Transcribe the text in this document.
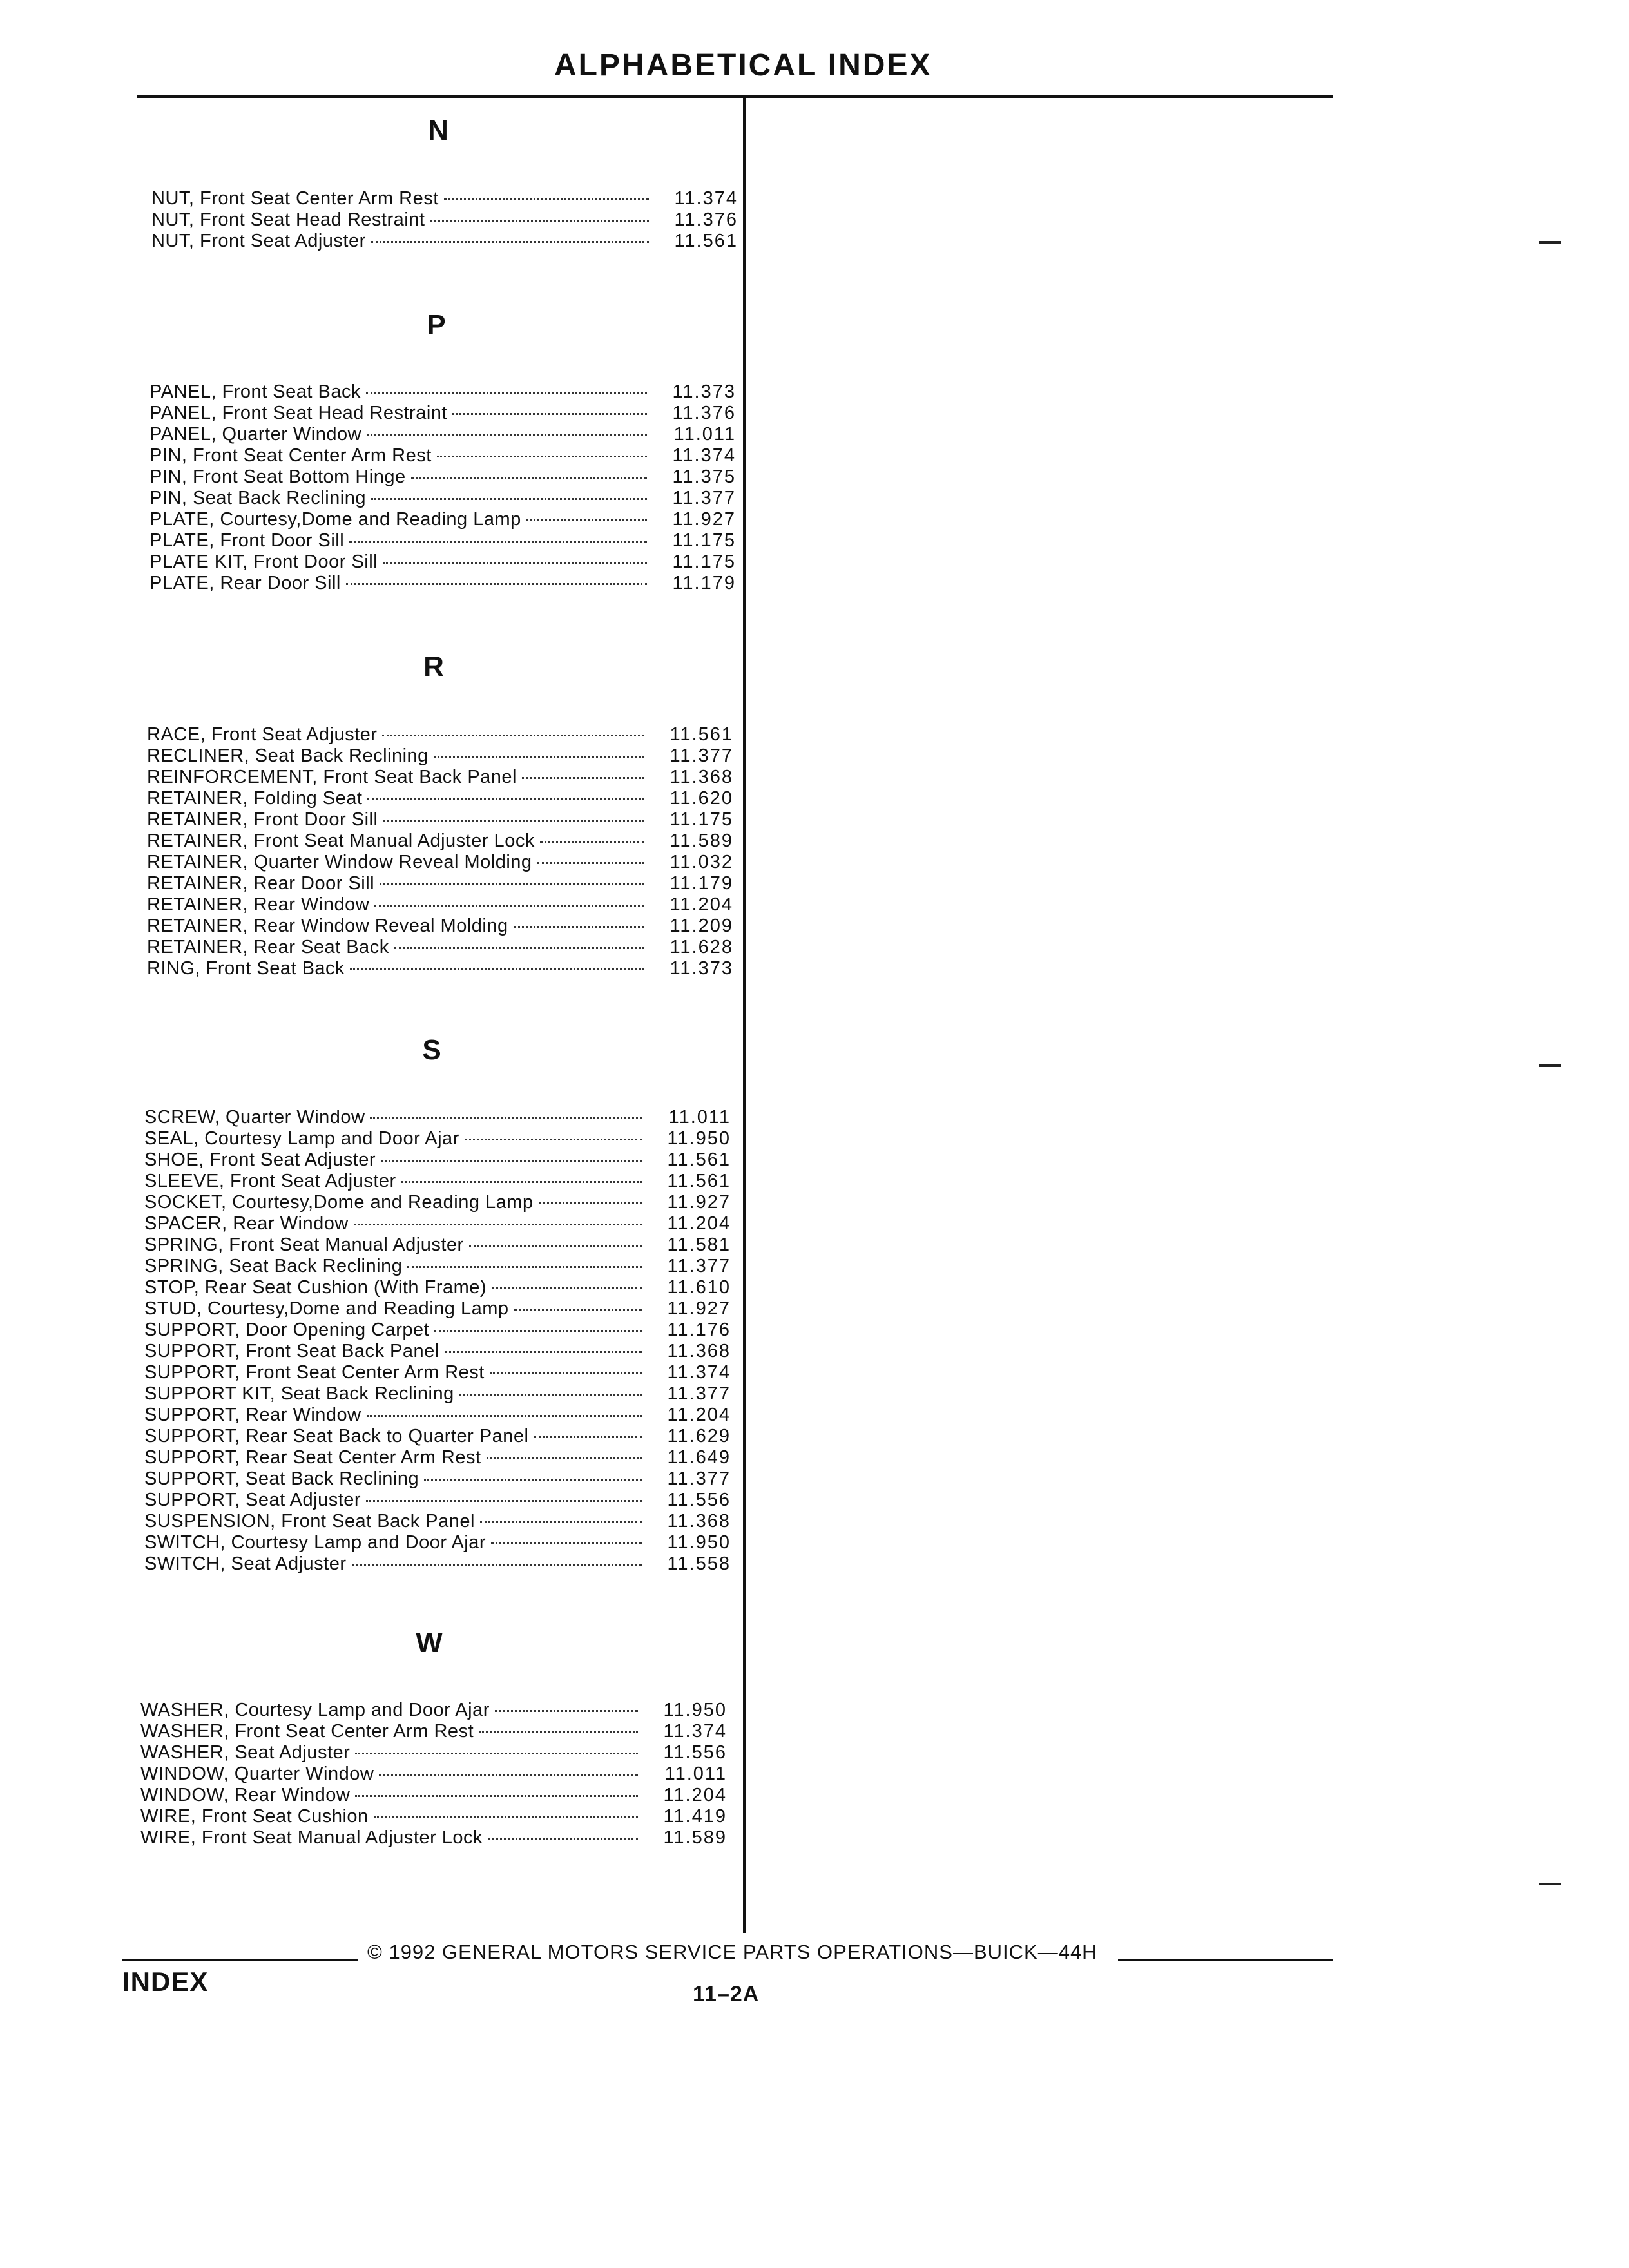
ALPHABETICAL INDEX
N
NUT, Front Seat Center Arm Rest	11.374
NUT, Front Seat Head Restraint	11.376
NUT, Front Seat Adjuster	11.561
P
PANEL, Front Seat Back	11.373
PANEL, Front Seat Head Restraint	11.376
PANEL, Quarter Window	11.011
PIN, Front Seat Center Arm Rest	11.374
PIN, Front Seat Bottom Hinge	11.375
PIN, Seat Back Reclining	11.377
PLATE, Courtesy,Dome and Reading Lamp	11.927
PLATE, Front Door Sill	11.175
PLATE KIT, Front Door Sill	11.175
PLATE, Rear Door Sill	11.179
R
RACE, Front Seat Adjuster	11.561
RECLINER, Seat Back Reclining	11.377
REINFORCEMENT, Front Seat Back Panel	11.368
RETAINER, Folding Seat	11.620
RETAINER, Front Door Sill	11.175
RETAINER, Front Seat Manual Adjuster Lock	11.589
RETAINER, Quarter Window Reveal Molding	11.032
RETAINER, Rear Door Sill	11.179
RETAINER, Rear Window	11.204
RETAINER, Rear Window Reveal Molding	11.209
RETAINER, Rear Seat Back	11.628
RING, Front Seat Back	11.373
S
SCREW, Quarter Window	11.011
SEAL, Courtesy Lamp and Door Ajar	11.950
SHOE, Front Seat Adjuster	11.561
SLEEVE, Front Seat Adjuster	11.561
SOCKET, Courtesy,Dome and Reading Lamp	11.927
SPACER, Rear Window	11.204
SPRING, Front Seat Manual Adjuster	11.581
SPRING, Seat Back Reclining	11.377
STOP, Rear Seat Cushion (With Frame)	11.610
STUD, Courtesy,Dome and Reading Lamp	11.927
SUPPORT, Door Opening Carpet	11.176
SUPPORT, Front Seat Back Panel	11.368
SUPPORT, Front Seat Center Arm Rest	11.374
SUPPORT KIT, Seat Back Reclining	11.377
SUPPORT, Rear Window	11.204
SUPPORT, Rear Seat Back to Quarter Panel	11.629
SUPPORT, Rear Seat Center Arm Rest	11.649
SUPPORT, Seat Back Reclining	11.377
SUPPORT, Seat Adjuster	11.556
SUSPENSION, Front Seat Back Panel	11.368
SWITCH, Courtesy Lamp and Door Ajar	11.950
SWITCH, Seat Adjuster	11.558
W
WASHER, Courtesy Lamp and Door Ajar	11.950
WASHER, Front Seat Center Arm Rest	11.374
WASHER, Seat Adjuster	11.556
WINDOW, Quarter Window	11.011
WINDOW, Rear Window	11.204
WIRE, Front Seat Cushion	11.419
WIRE, Front Seat Manual Adjuster Lock	11.589
© 1992 GENERAL MOTORS SERVICE PARTS OPERATIONS—BUICK—44H
INDEX	11–2A
